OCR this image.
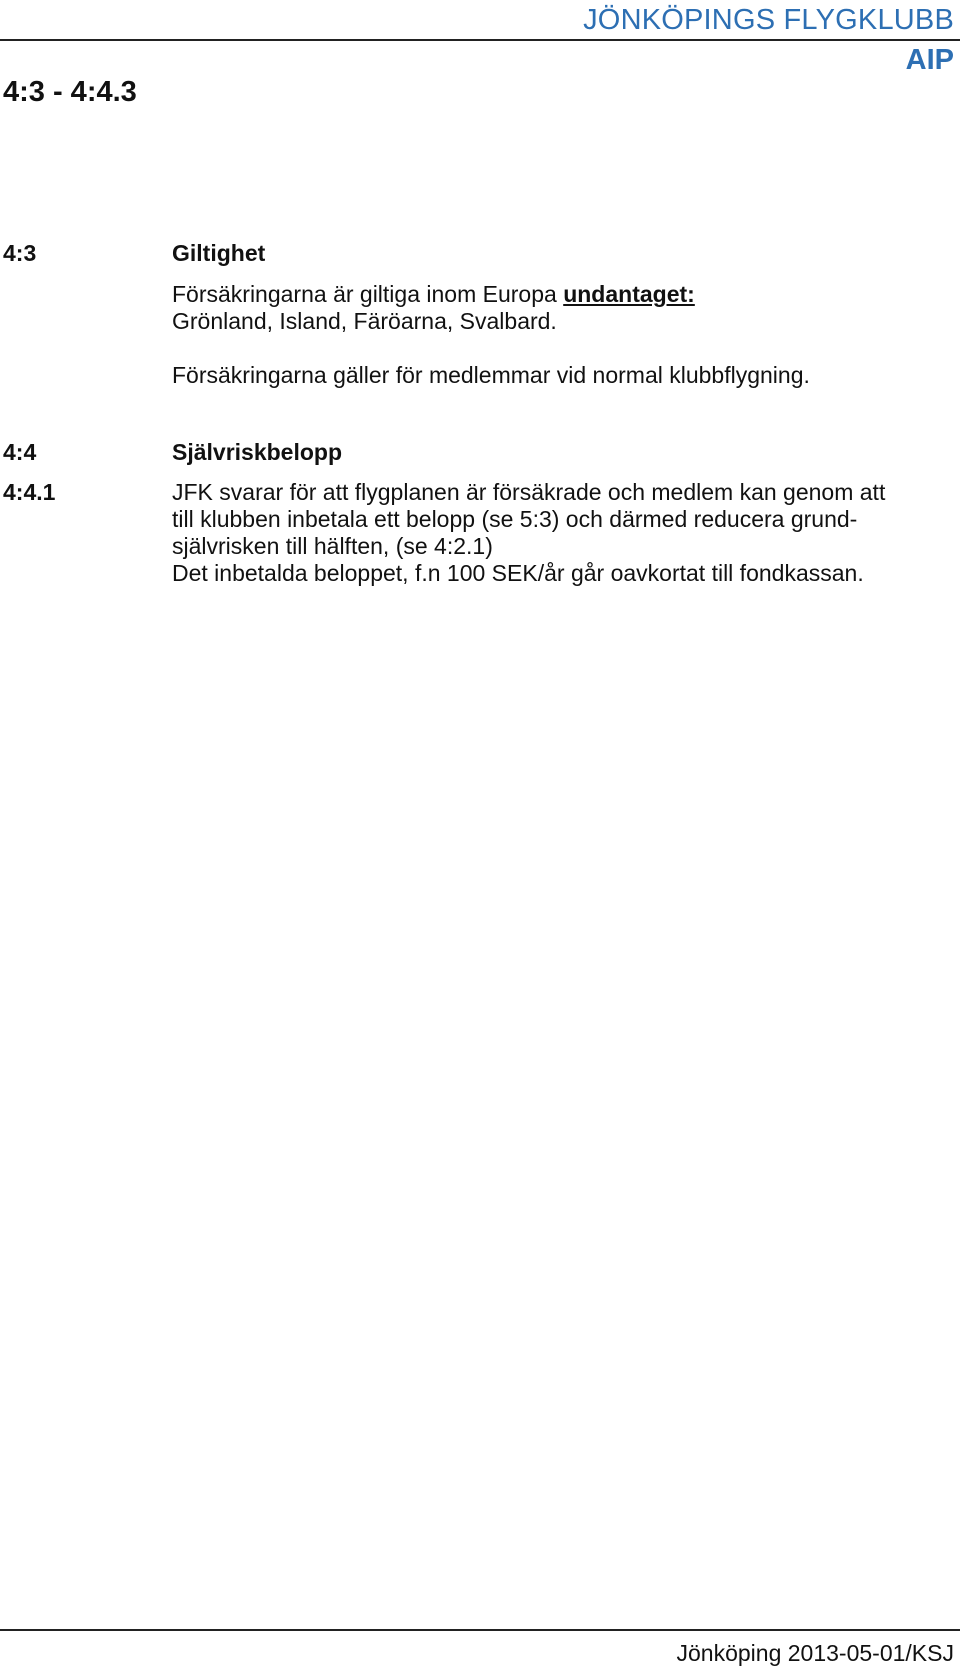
JÖNKÖPINGS FLYGKLUBB
AIP
4:3 - 4:4.3
4:3	Giltighet
Försäkringarna är giltiga inom Europa undantaget:
Grönland, Island, Färöarna, Svalbard.
Försäkringarna gäller för medlemmar vid normal klubbflygning.
4:4	Självriskbelopp
4:4.1	JFK svarar för att flygplanen är försäkrade och medlem kan genom att
till klubben inbetala ett belopp (se 5:3) och därmed reducera grund-
självrisken till hälften, (se 4:2.1)
Det inbetalda beloppet, f.n 100 SEK/år går oavkortat till fondkassan.
Jönköping 2013-05-01/KSJ
